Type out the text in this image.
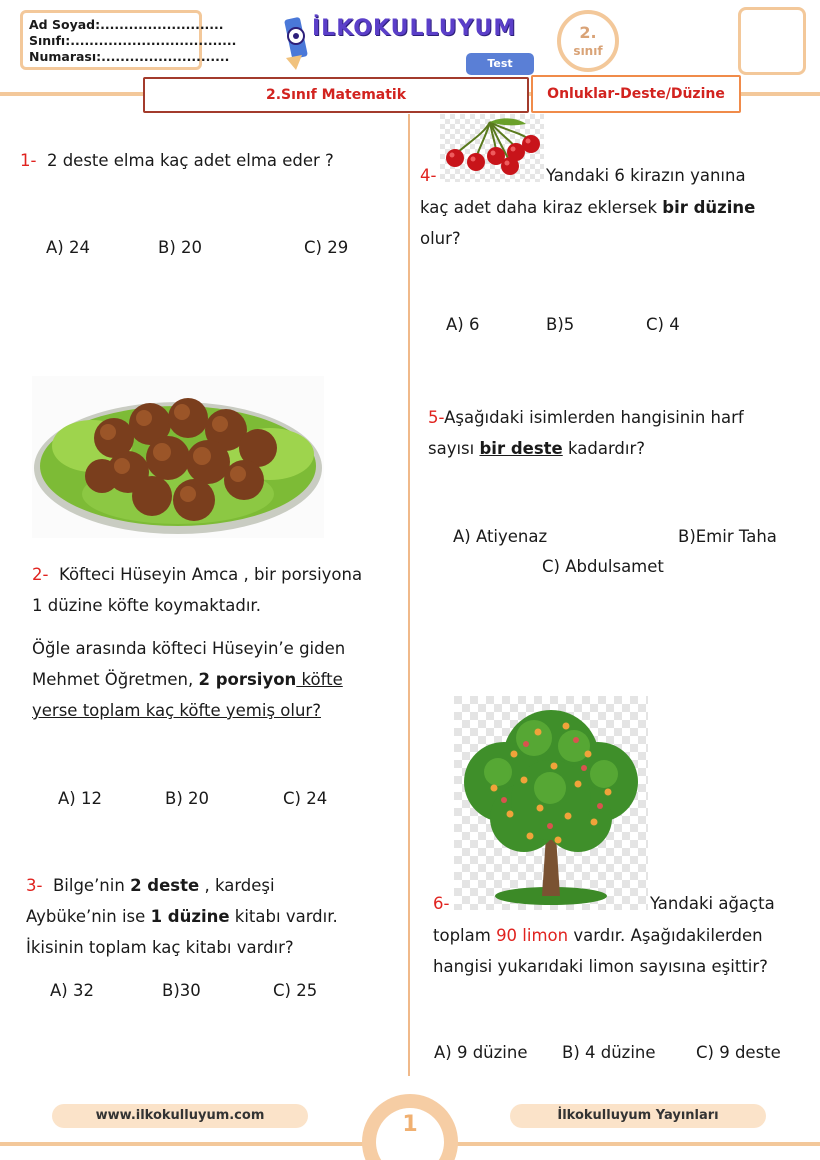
Ad Soyad:..........................
Sınıfı:...................................
Numarası:...........................
İLKOKULLUYUM
Test
2.
sınıf
2.Sınıf Matematik	Onluklar-Deste/Düzine
1- 2 deste elma kaç adet elma eder ?
A) 24	B) 20	C) 29
2- Köfteci Hüseyin Amca , bir porsiyona
1 düzine köfte koymaktadır.
Öğle arasında köfteci Hüseyin’e giden
Mehmet Öğretmen, 2 porsiyon köfte
yerse toplam kaç köfte yemiş olur?
A) 12	B) 20	C) 24
3- Bilge’nin 2 deste , kardeşi
Aybüke’nin ise 1 düzine kitabı vardır.
İkisinin toplam kaç kitabı vardır?
A) 32	B)30	C) 25
4-	Yandaki 6 kirazın yanına
kaç adet daha kiraz eklersek bir düzine
olur?
A) 6	B)5	C) 4
5-Aşağıdaki isimlerden hangisinin harf
sayısı bir deste kadardır?
A) Atiyenaz	B)Emir Taha
C) Abdulsamet
6-	Yandaki ağaçta
toplam 90 limon vardır. Aşağıdakilerden
hangisi yukarıdaki limon sayısına eşittir?
A) 9 düzine B) 4 düzine C) 9 deste
www.ilkokulluyum.com	İlkokulluyum Yayınları
1
